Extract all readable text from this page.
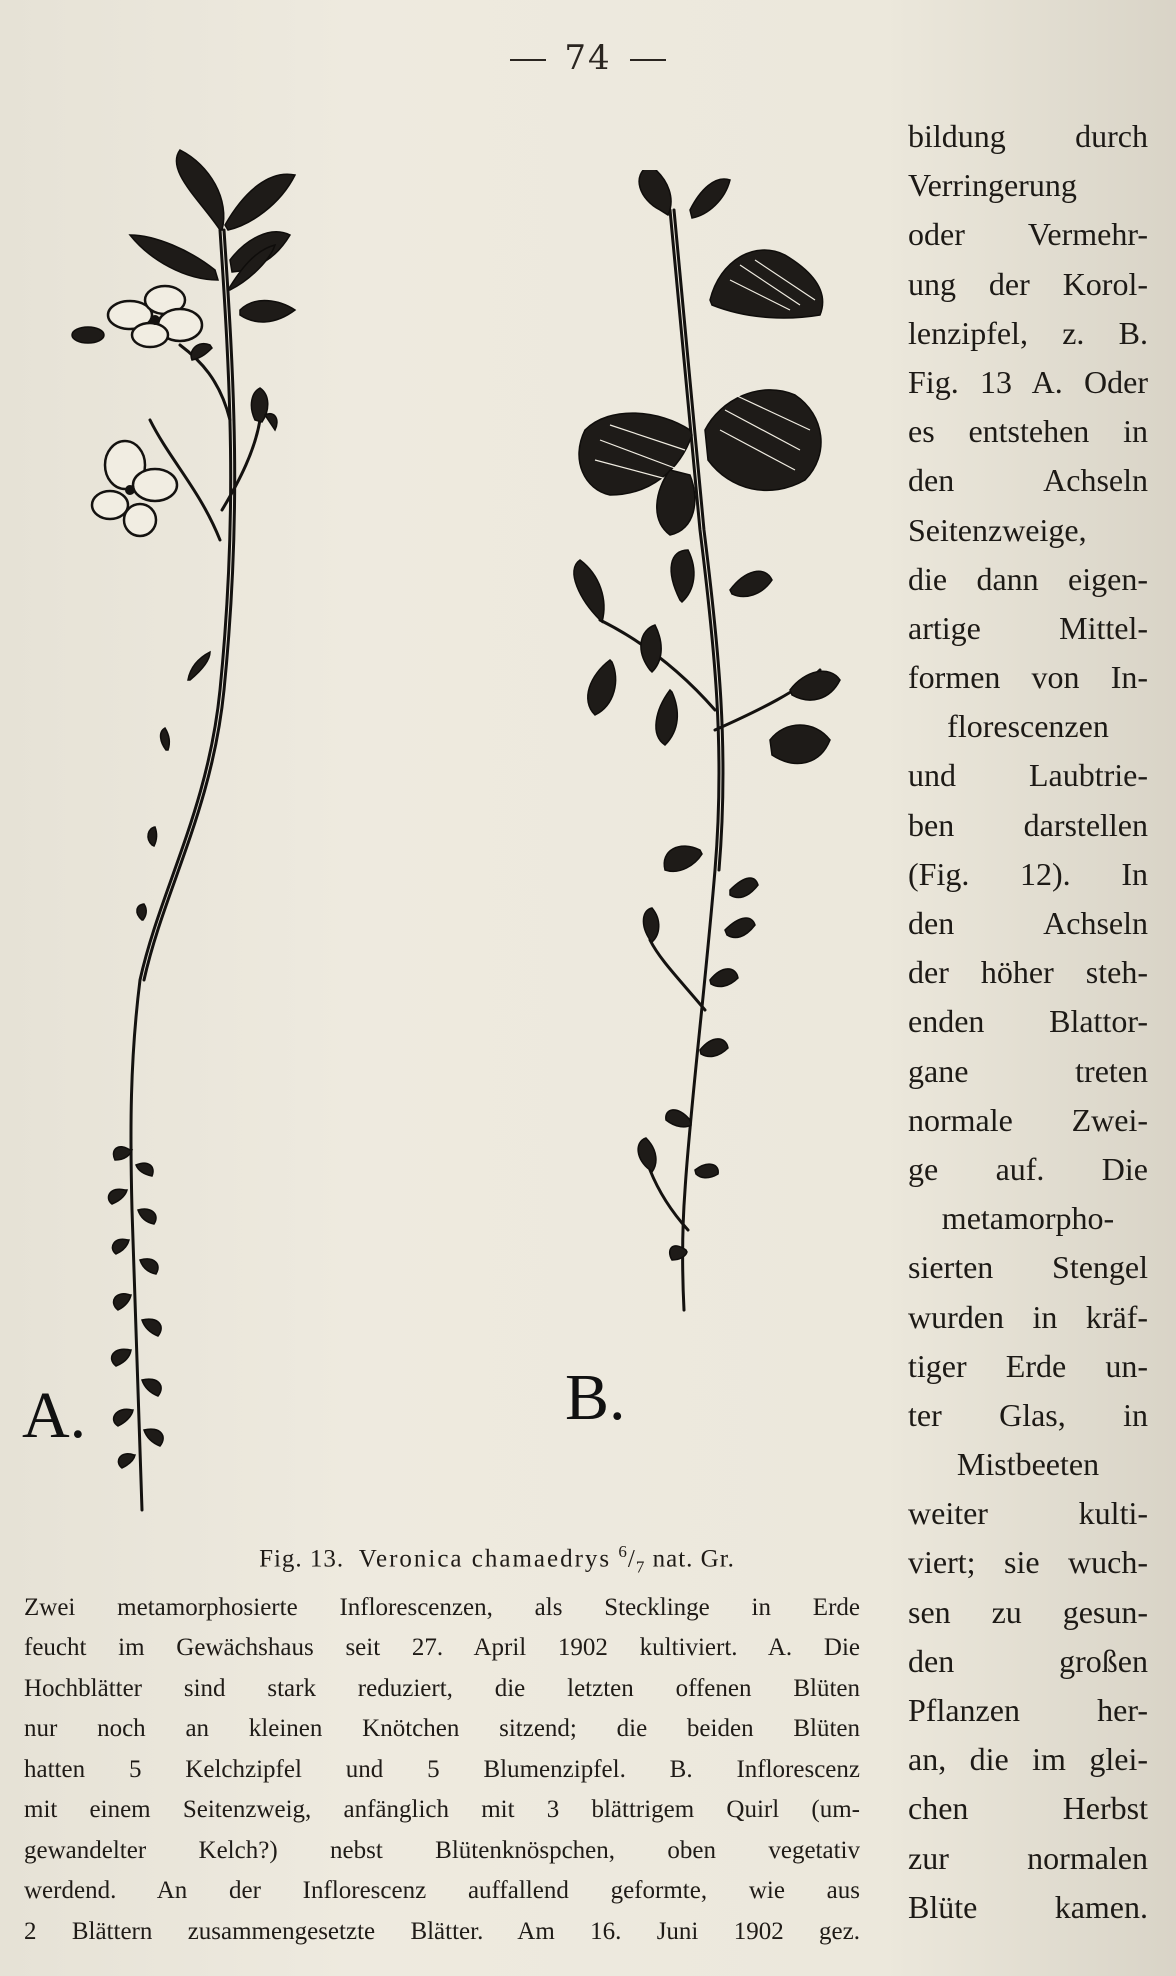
74
A.	B.
bildung durch
Verringerung
oder Vermehr-
ung der Korol-
lenzipfel, z. B.
Fig. 13 A. Oder
es entstehen in
den Achseln
Seitenzweige,
die dann eigen-
artige Mittel-
formen von In-
florescenzen
und Laubtrie-
ben darstellen
(Fig. 12). In
den Achseln
der höher steh-
enden Blattor-
gane treten
normale Zwei-
ge auf. Die
metamorpho-
sierten Stengel
wurden in kräf-
tiger Erde un-
ter Glas, in
Mistbeeten
weiter kulti-
viert; sie wuch-
sen zu gesun-
den großen
Pflanzen her-
an, die im glei-
chen Herbst
zur normalen
Blüte kamen.
Fig. 13. Veronica chamaedrys $^6/_7$ nat. Gr.
Zwei metamorphosierte Inflorescenzen, als Stecklinge in Erde
feucht im Gewächshaus seit 27. April 1902 kultiviert. A. Die
Hochblätter sind stark reduziert, die letzten offenen Blüten
nur noch an kleinen Knötchen sitzend; die beiden Blüten
hatten 5 Kelchzipfel und 5 Blumenzipfel. B. Inflorescenz
mit einem Seitenzweig, anfänglich mit 3 blättrigem Quirl (um-
gewandelter Kelch?) nebst Blütenknöspchen, oben vegetativ
werdend. An der Inflorescenz auffallend geformte, wie aus
2 Blättern zusammengesetzte Blätter. Am 16. Juni 1902 gez.
